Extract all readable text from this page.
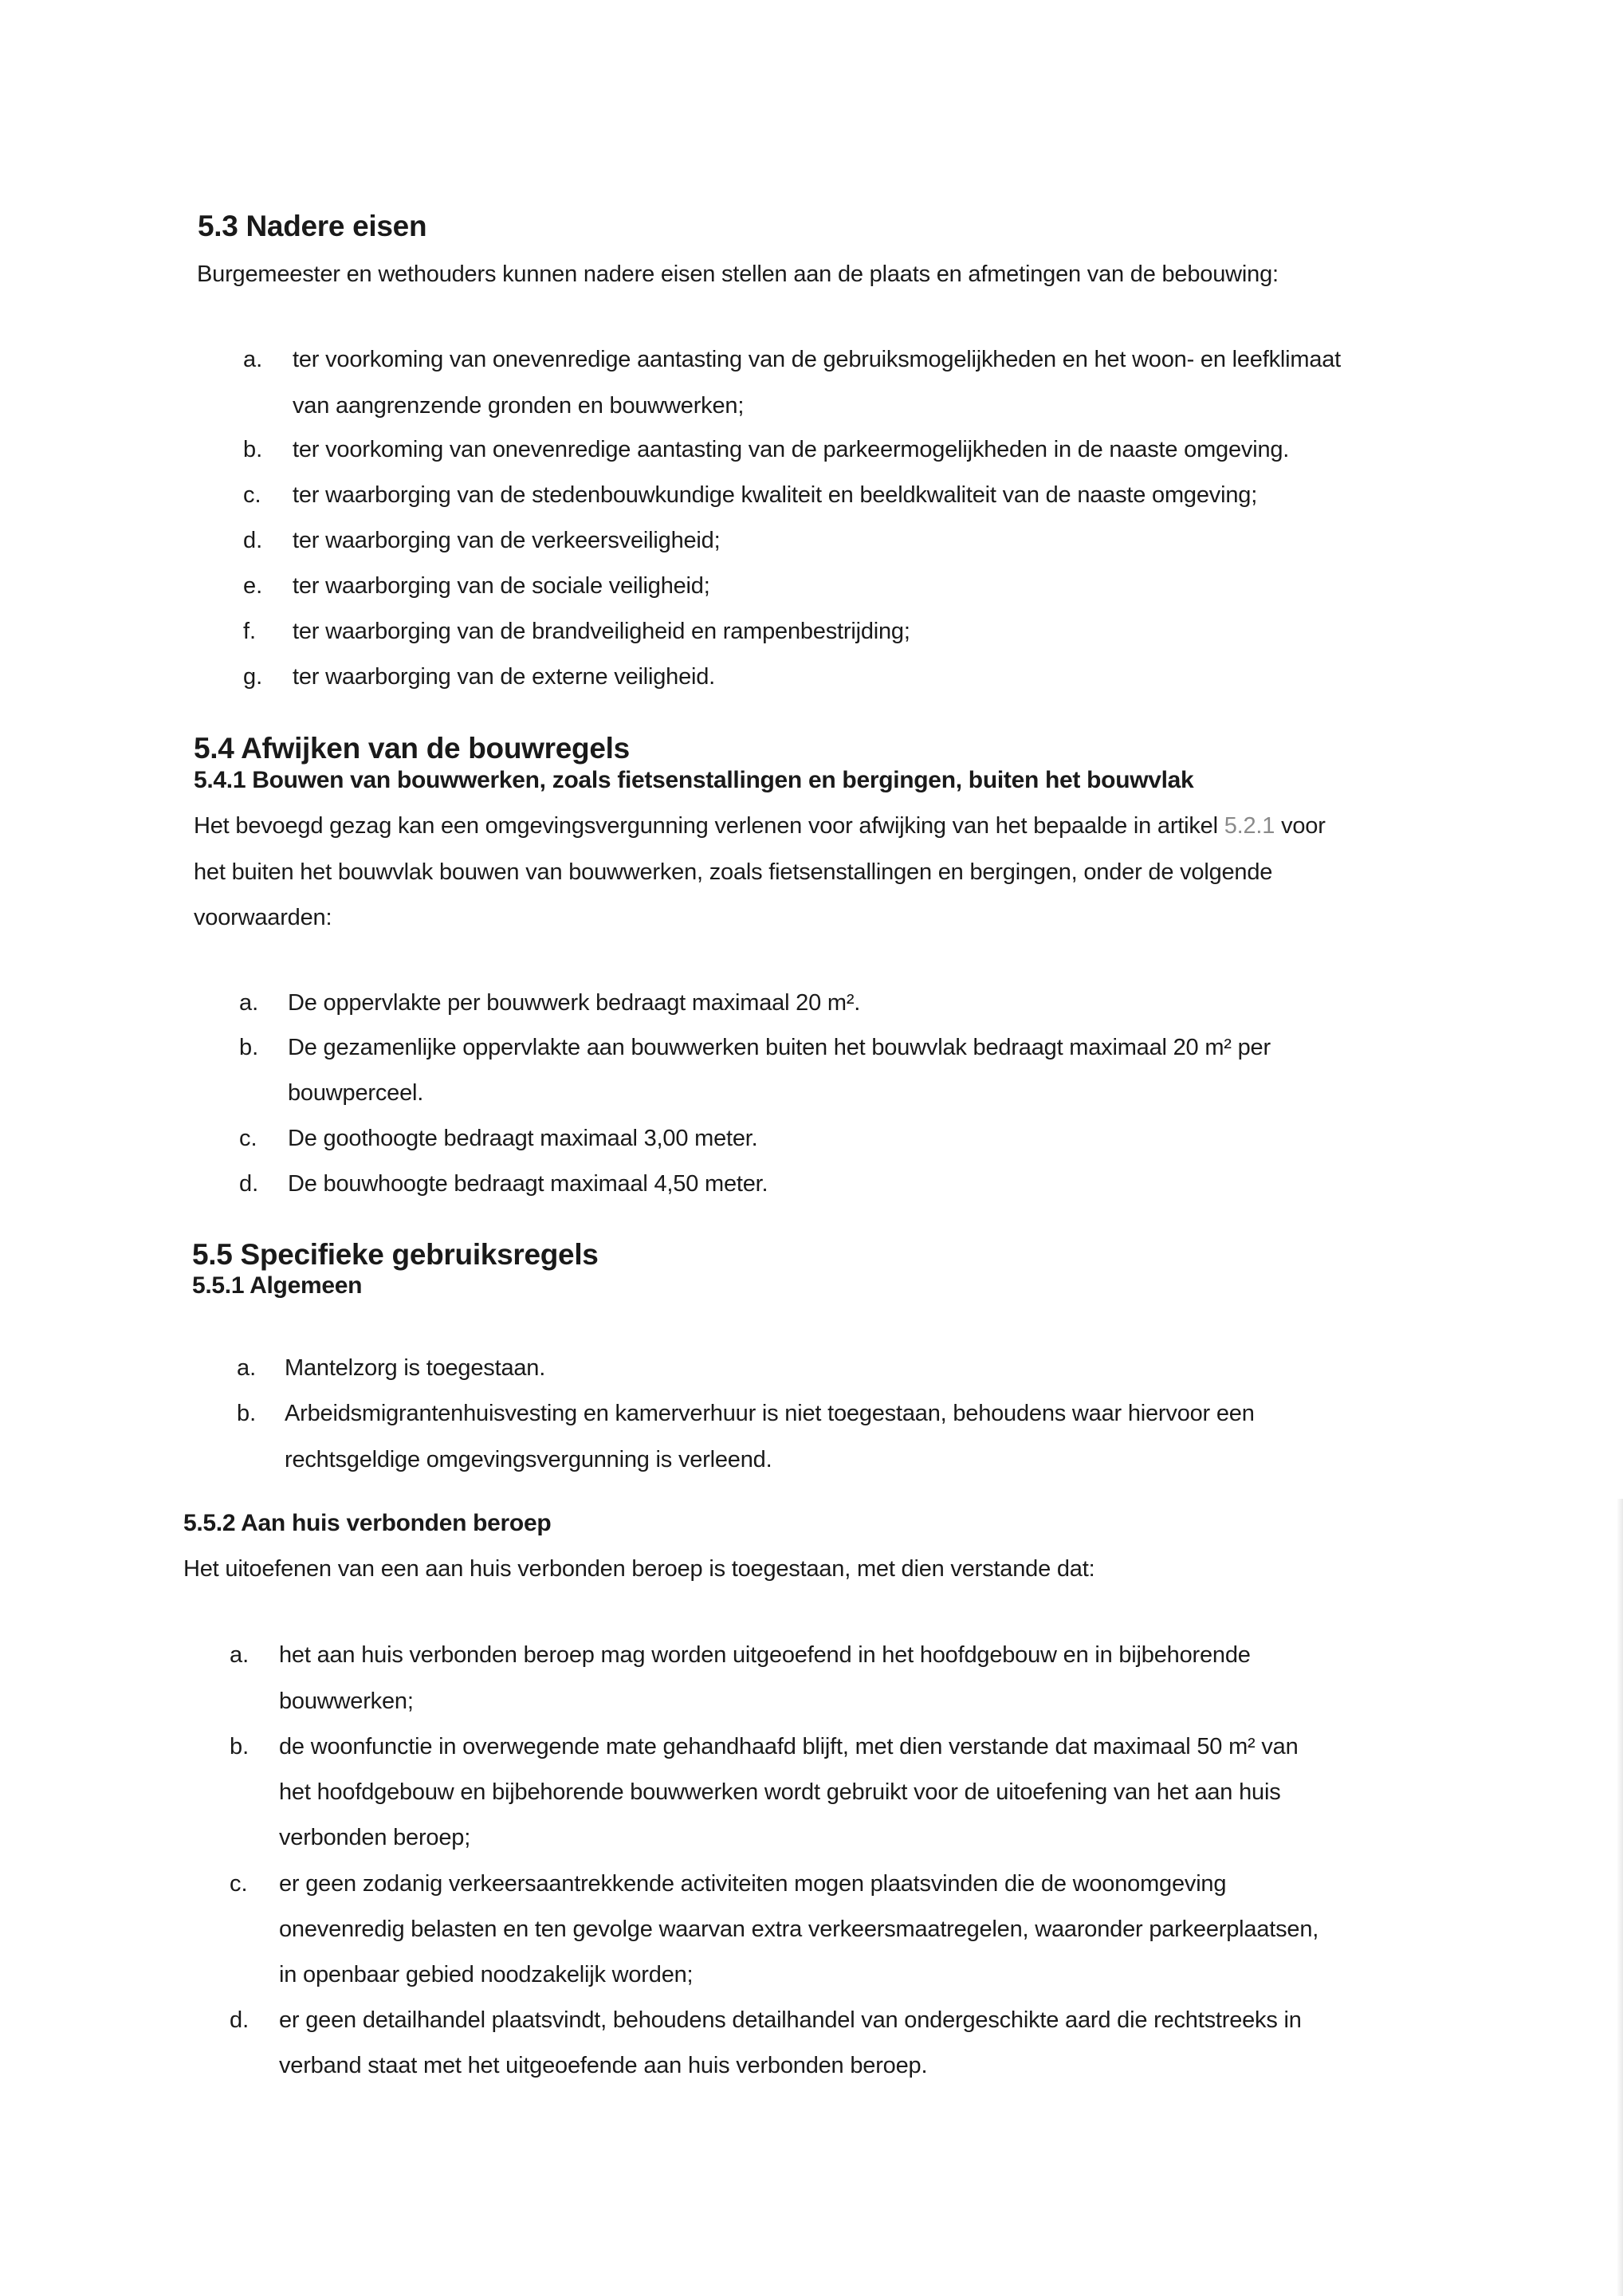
5.3 Nadere eisen
Burgemeester en wethouders kunnen nadere eisen stellen aan de plaats en afmetingen van de bebouwing:
a. ter voorkoming van onevenredige aantasting van de gebruiksmogelijkheden en het woon- en leefklimaat
van aangrenzende gronden en bouwwerken;
b. ter voorkoming van onevenredige aantasting van de parkeermogelijkheden in de naaste omgeving.
c. ter waarborging van de stedenbouwkundige kwaliteit en beeldkwaliteit van de naaste omgeving;
d. ter waarborging van de verkeersveiligheid;
e. ter waarborging van de sociale veiligheid;
f. ter waarborging van de brandveiligheid en rampenbestrijding;
g. ter waarborging van de externe veiligheid.
5.4 Afwijken van de bouwregels
5.4.1 Bouwen van bouwwerken, zoals fietsenstallingen en bergingen, buiten het bouwvlak
Het bevoegd gezag kan een omgevingsvergunning verlenen voor afwijking van het bepaalde in artikel 5.2.1 voor
het buiten het bouwvlak bouwen van bouwwerken, zoals fietsenstallingen en bergingen, onder de volgende
voorwaarden:
a. De oppervlakte per bouwwerk bedraagt maximaal 20 m².
b. De gezamenlijke oppervlakte aan bouwwerken buiten het bouwvlak bedraagt maximaal 20 m² per
bouwperceel.
c. De goothoogte bedraagt maximaal 3,00 meter.
d. De bouwhoogte bedraagt maximaal 4,50 meter.
5.5 Specifieke gebruiksregels
5.5.1 Algemeen
a. Mantelzorg is toegestaan.
b. Arbeidsmigrantenhuisvesting en kamerverhuur is niet toegestaan, behoudens waar hiervoor een
rechtsgeldige omgevingsvergunning is verleend.
5.5.2 Aan huis verbonden beroep
Het uitoefenen van een aan huis verbonden beroep is toegestaan, met dien verstande dat:
a. het aan huis verbonden beroep mag worden uitgeoefend in het hoofdgebouw en in bijbehorende
bouwwerken;
b. de woonfunctie in overwegende mate gehandhaafd blijft, met dien verstande dat maximaal 50 m² van
het hoofdgebouw en bijbehorende bouwwerken wordt gebruikt voor de uitoefening van het aan huis
verbonden beroep;
c. er geen zodanig verkeersaantrekkende activiteiten mogen plaatsvinden die de woonomgeving
onevenredig belasten en ten gevolge waarvan extra verkeersmaatregelen, waaronder parkeerplaatsen,
in openbaar gebied noodzakelijk worden;
d. er geen detailhandel plaatsvindt, behoudens detailhandel van ondergeschikte aard die rechtstreeks in
verband staat met het uitgeoefende aan huis verbonden beroep.
